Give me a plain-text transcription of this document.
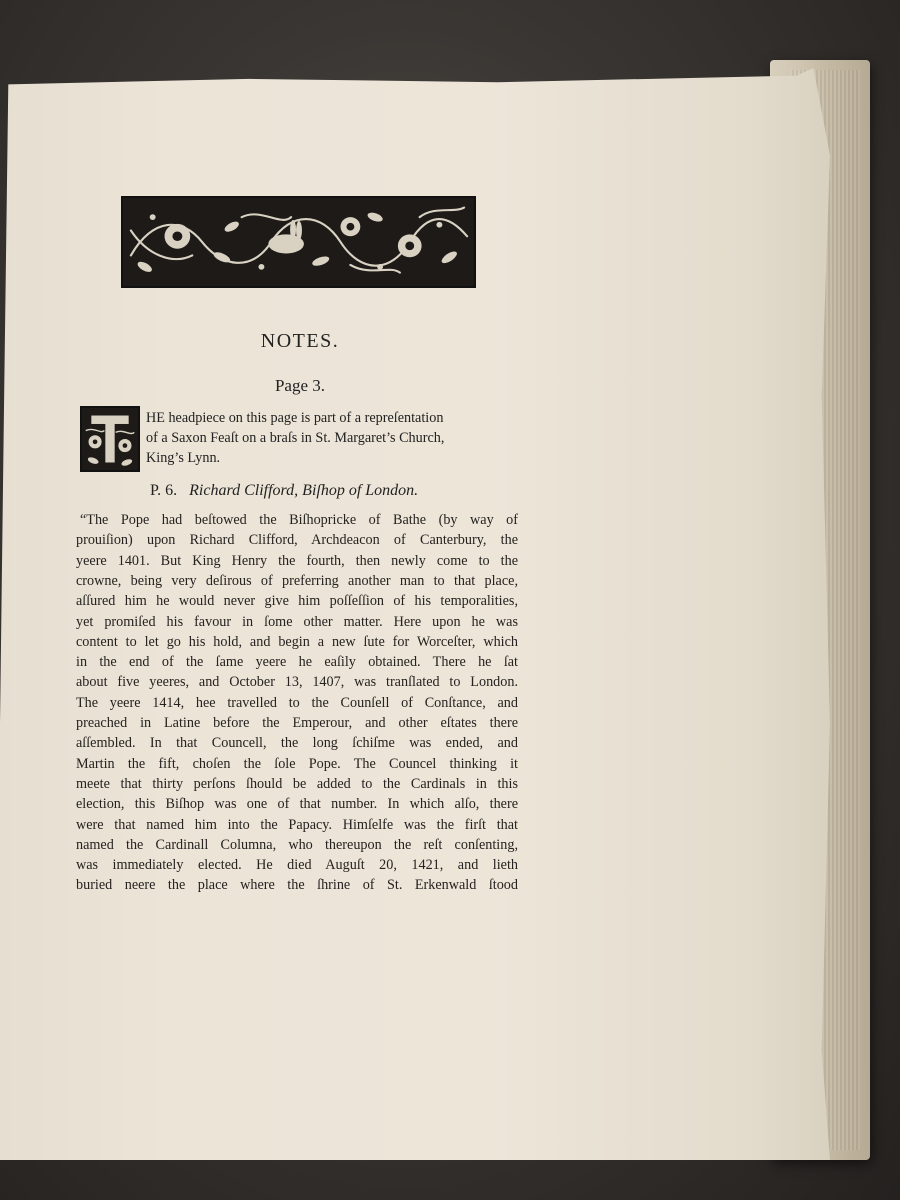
NOTES.
Page 3.
HE headpiece on this page is part of a repreſentation
of a Saxon Feaſt on a braſs in St. Margaret’s Church,
King’s Lynn.
P. 6. Richard Clifford, Biſhop of London.
“The Pope had beſtowed the Biſhopricke of Bathe (by way of
prouiſion) upon Richard Clifford, Archdeacon of Canterbury, the
yeere 1401. But King Henry the fourth, then newly come to the
crowne, being very deſirous of preferring another man to that place,
aſſured him he would never give him poſſeſſion of his temporalities,
yet promiſed his favour in ſome other matter. Here upon he was
content to let go his hold, and begin a new ſute for Worceſter, which
in the end of the ſame yeere he eaſily obtained. There he ſat
about five yeeres, and October 13, 1407, was tranſlated to London.
The yeere 1414, hee travelled to the Counſell of Conſtance, and
preached in Latine before the Emperour, and other eſtates there
aſſembled. In that Councell, the long ſchiſme was ended, and
Martin the fift, choſen the ſole Pope. The Councel thinking it
meete that thirty perſons ſhould be added to the Cardinals in this
election, this Biſhop was one of that number. In which alſo, there
were that named him into the Papacy. Himſelfe was the firſt that
named the Cardinall Columna, who thereupon the reſt conſenting,
was immediately elected. He died Auguſt 20, 1421, and lieth
buried neere the place where the ſhrine of St. Erkenwald ſtood
